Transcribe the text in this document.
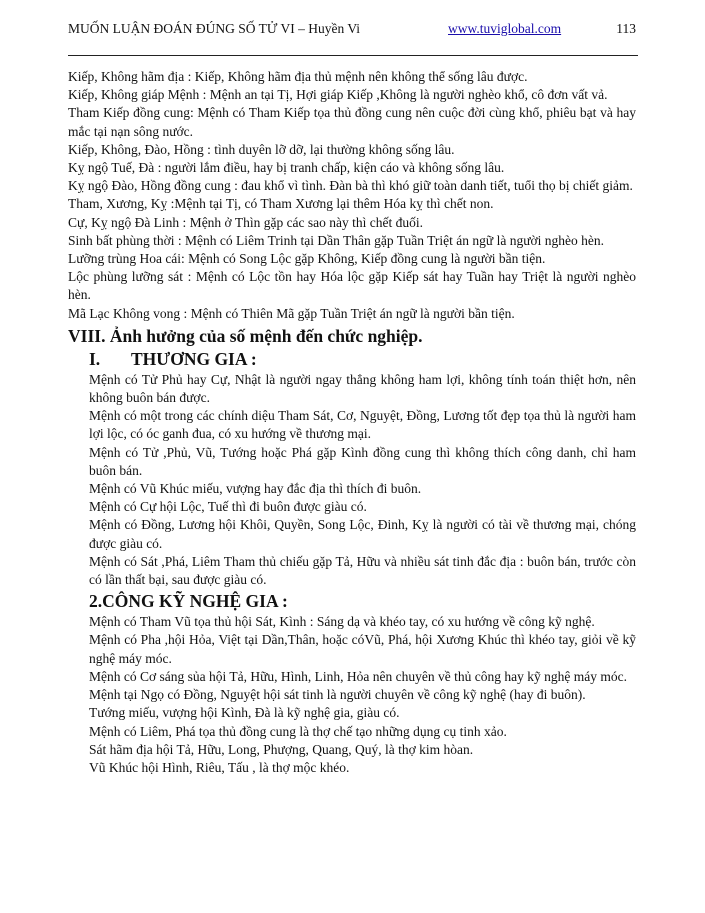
MUỐN LUẬN ĐOÁN ĐÚNG SỐ TỬ VI – Huyền Vi	www.tuviglobal.com	113

Kiếp, Không hãm địa : Kiếp, Không hãm địa thủ mệnh nên không thể sống lâu được.

Kiếp, Không giáp Mệnh : Mệnh an tại Tị, Hợi giáp Kiếp ,Không là người nghèo khổ, cô đơn vất vả.

Tham Kiếp đồng cung: Mệnh có Tham Kiếp tọa thủ đồng cung nên cuộc đời cùng khổ, phiêu bạt và hay mắc tại nạn sông nước.

Kiếp, Không, Đào, Hồng : tình duyên lỡ dỡ, lại thường không sống lâu.

Kỵ ngộ Tuế, Đà : người lắm điều, hay bị tranh chấp, kiện cáo và không sống lâu.

Kỵ ngộ Đào, Hồng đồng cung : đau khổ vì tình. Đàn bà thì khó giữ toàn danh tiết, tuổi thọ bị chiết giảm.

Tham, Xương, Kỵ :Mệnh tại Tị, có Tham Xương lại thêm Hóa kỵ thì chết non.

Cự, Kỵ ngộ Đà Linh : Mệnh ở Thìn gặp các sao này thì chết đuối.

Sinh bất phùng thời : Mệnh có Liêm Trinh tại Dần Thân gặp Tuần Triệt án ngữ là người nghèo hèn.

Lưỡng trùng Hoa cái: Mệnh có Song Lộc gặp Không, Kiếp đồng cung là người bần tiện.

Lộc phùng lưỡng sát : Mệnh có Lộc tồn hay Hóa lộc gặp Kiếp sát hay Tuần hay Triệt là người nghèo hèn.

Mã Lạc Không vong : Mệnh có Thiên Mã gặp Tuần Triệt án ngữ là người bần tiện.

VIII. Ảnh hưởng của số mệnh đến chức nghiệp.
I. THƯƠNG GIA :

Mệnh có Tử Phủ hay Cự, Nhật là người ngay thẳng không ham lợi, không tính toán thiệt hơn, nên không buôn bán được.

Mệnh có một trong các chính diệu Tham Sát, Cơ, Nguyệt, Đồng, Lương tốt đẹp tọa thủ là người ham lợi lộc, có óc ganh đua, có xu hướng về thương mại.

Mệnh có Tử ,Phủ, Vũ, Tướng hoặc Phá gặp Kình đồng cung thì không thích công danh, chỉ ham buôn bán.

Mệnh có Vũ Khúc miếu, vượng hay đắc địa thì thích đi buôn.

Mệnh có Cự hội Lộc, Tuế thì đi buôn được giàu có.

Mệnh có Đồng, Lương hội Khôi, Quyền, Song Lộc, Đinh, Kỵ là người có tài về thương mại, chóng được giàu có.

Mệnh có Sát ,Phá, Liêm Tham thủ chiếu gặp Tả, Hữu và nhiều sát tinh đắc địa : buôn bán, trước còn có lần thất bại, sau được giàu có.

2.CÔNG KỸ NGHỆ GIA :

Mệnh có Tham Vũ tọa thủ hội Sát, Kình : Sáng dạ và khéo tay, có xu hướng về công kỹ nghệ.

Mệnh có Pha ,hội Hỏa, Việt tại Dần,Thân, hoặc cóVũ, Phá, hội Xương Khúc thì khéo tay, giỏi về kỹ nghệ máy móc.

Mệnh có Cơ sáng sủa hội Tả, Hữu, Hình, Linh, Hỏa nên chuyên về thủ công hay kỹ nghệ máy móc.

Mệnh tại Ngọ có Đồng, Nguyệt hội sát tinh là người chuyên về công kỹ nghệ (hay đi buôn).

Tướng miếu, vượng hội Kình, Đà là kỹ nghệ gia, giàu có.

Mệnh có Liêm, Phá tọa thủ đồng cung là thợ chế tạo những dụng cụ tinh xảo.

Sát hãm địa hội Tả, Hữu, Long, Phượng, Quang, Quý, là thợ kim hòan.

Vũ Khúc hội Hình, Riêu, Tấu , là thợ mộc khéo.
